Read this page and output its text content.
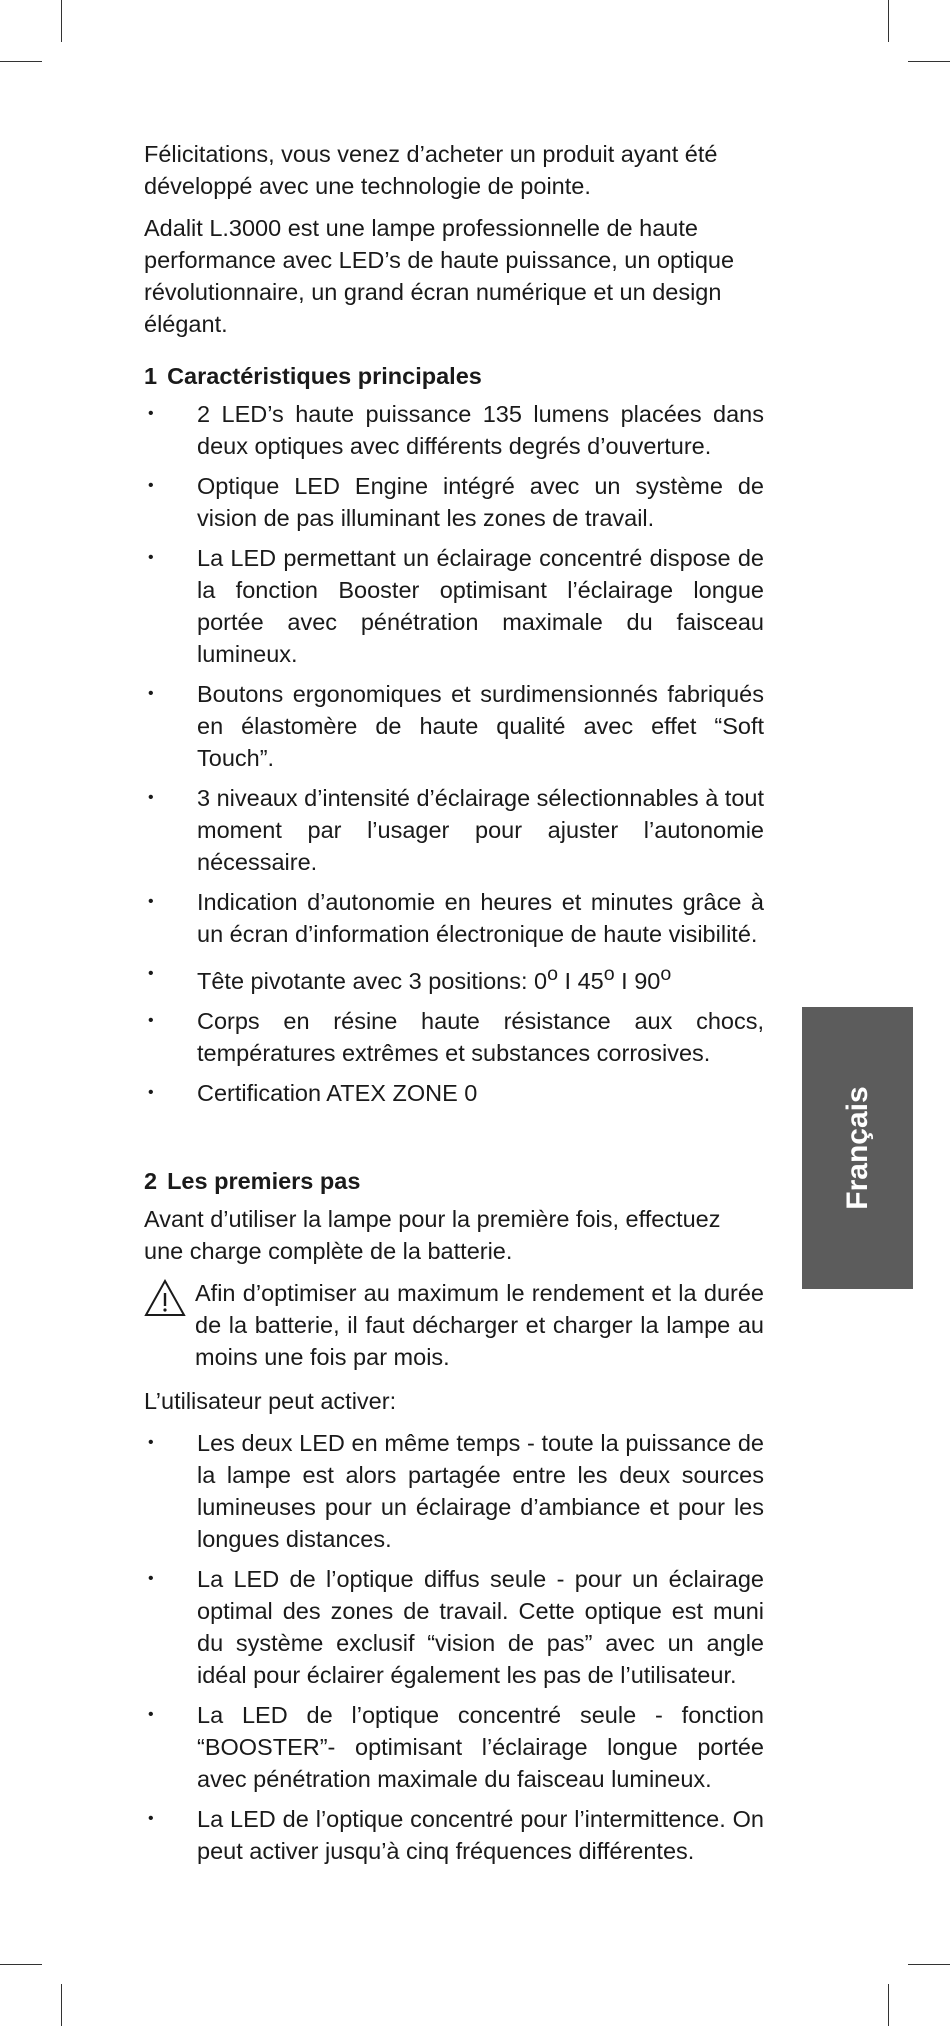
Félicitations, vous venez d’acheter un produit ayant été développé avec une technologie de pointe.

Adalit L.3000 est une lampe professionnelle de haute performance avec LED’s de haute puissance, un optique révolutionnaire, un grand écran numérique et un design élégant.

1 Caractéristiques principales
• 2 LED’s haute puissance 135 lumens placées dans deux optiques avec différents degrés d’ouverture.
• Optique LED Engine intégré avec un système de vision de pas illuminant les zones de travail.
• La LED permettant un éclairage concentré dispose de la fonction Booster optimisant l’éclairage longue portée avec pénétration maximale du faisceau lumineux.
• Boutons ergonomiques et surdimensionnés fabriqués en élastomère de haute qualité avec effet “Soft Touch”.
• 3 niveaux d’intensité d’éclairage sélectionnables à tout moment par l’usager pour ajuster l’autonomie nécessaire.
• Indication d’autonomie en heures et minutes grâce à un écran d’information électronique de haute visibilité.
• Tête pivotante avec 3 positions: 0$^o$ I 45$^o$ I 90$^o$
• Corps en résine haute résistance aux chocs, températures extrêmes et substances corrosives.
• Certification ATEX ZONE 0
2 Les premiers pas

Avant d’utiliser la lampe pour la première fois, effectuez une charge complète de la batterie.

Afin d’optimiser au maximum le rendement et la durée de la batterie, il faut décharger et charger la lampe au moins une fois par mois.

L’utilisateur peut activer:

• Les deux LED en même temps - toute la puissance de la lampe est alors partagée entre les deux sources lumineuses pour un éclairage d’ambiance et pour les longues distances.
• La LED de l’optique diffus seule - pour un éclairage optimal des zones de travail. Cette optique est muni du système exclusif “vision de pas” avec un angle idéal pour éclairer également les pas de l’utilisateur.
• La LED de l’optique concentré seule - fonction “BOOSTER”- optimisant l’éclairage longue portée avec pénétration maximale du faisceau lumineux.
• La LED de l’optique concentré pour l’intermittence. On peut activer jusqu’à cinq fréquences différentes.
Français
